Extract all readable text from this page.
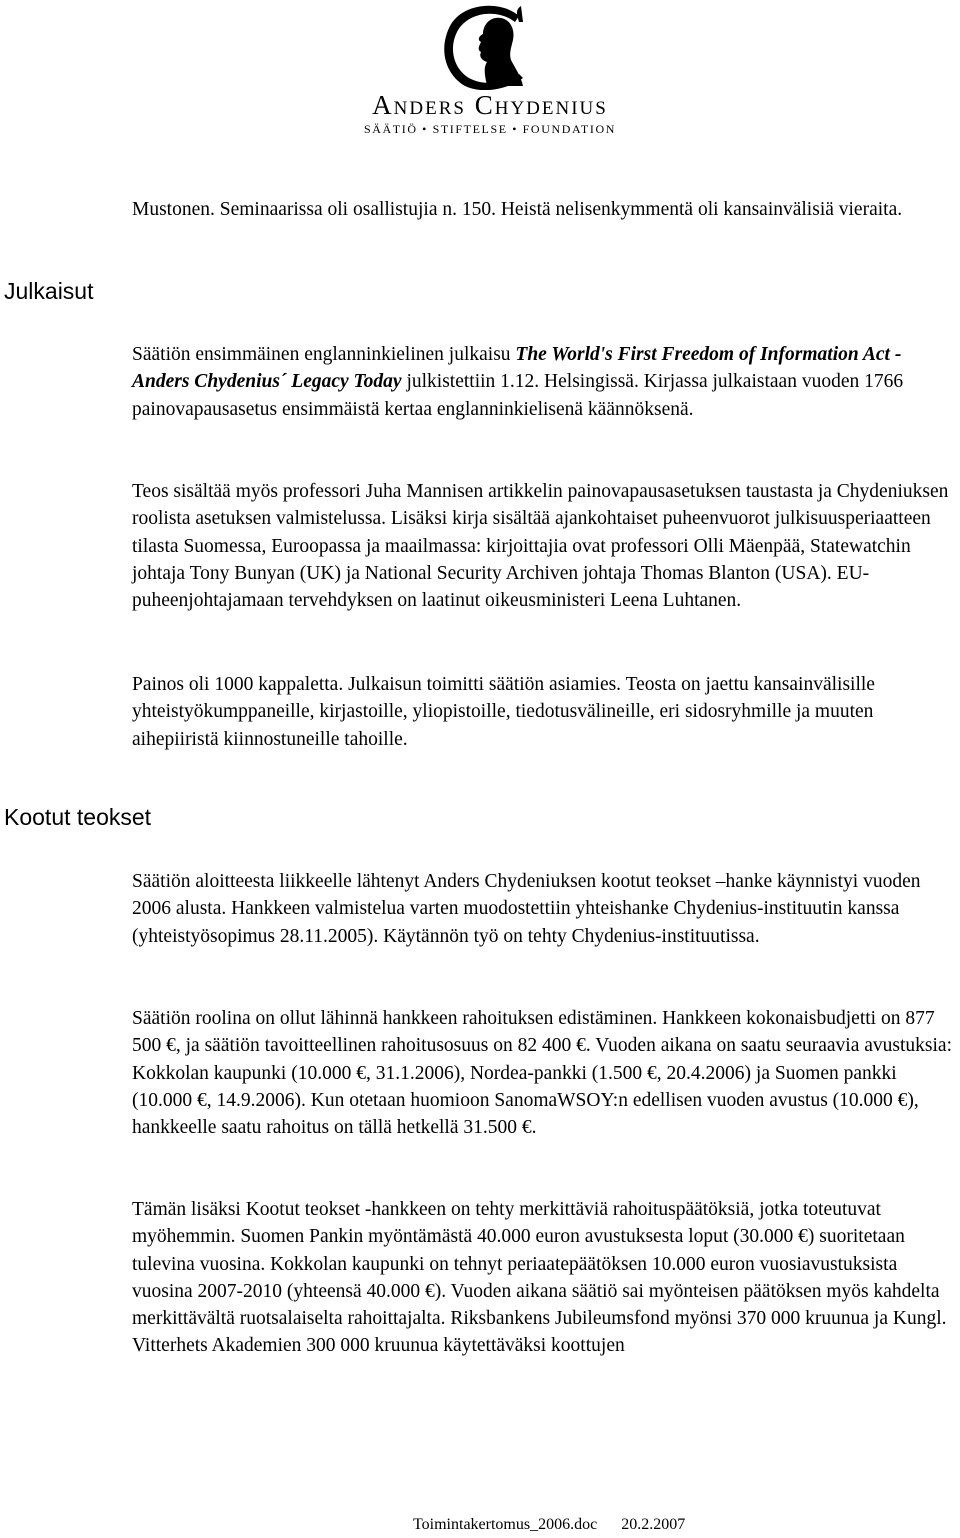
Anders Chydenius
SÄÄTIÖ • STIFTELSE • FOUNDATION

Mustonen. Seminaarissa oli osallistujia n. 150. Heistä nelisenkymmentä oli kansainvälisiä vieraita.

Julkaisut

Säätiön ensimmäinen englanninkielinen julkaisu The World's First Freedom of Information Act - Anders Chydenius´ Legacy Today julkistettiin 1.12. Helsingissä. Kirjassa julkaistaan vuoden 1766 painovapausasetus ensimmäistä kertaa englanninkielisenä käännöksenä.

Teos sisältää myös professori Juha Mannisen artikkelin painovapausasetuksen taustasta ja Chydeniuksen roolista asetuksen valmistelussa. Lisäksi kirja sisältää ajankohtaiset puheenvuorot julkisuusperiaatteen tilasta Suomessa, Euroopassa ja maailmassa: kirjoittajia ovat professori Olli Mäenpää, Statewatchin johtaja Tony Bunyan (UK) ja National Security Archiven johtaja Thomas Blanton (USA). EU-puheenjohtajamaan tervehdyksen on laatinut oikeusministeri Leena Luhtanen.

Painos oli 1000 kappaletta. Julkaisun toimitti säätiön asiamies. Teosta on jaettu kansainvälisille yhteistyökumppaneille, kirjastoille, yliopistoille, tiedotusvälineille, eri sidosryhmille ja muuten aihepiiristä kiinnostuneille tahoille.

Kootut teokset

Säätiön aloitteesta liikkeelle lähtenyt Anders Chydeniuksen kootut teokset –hanke käynnistyi vuoden 2006 alusta. Hankkeen valmistelua varten muodostettiin yhteishanke Chydenius-instituutin kanssa (yhteistyösopimus 28.11.2005). Käytännön työ on tehty Chydenius-instituutissa.

Säätiön roolina on ollut lähinnä hankkeen rahoituksen edistäminen. Hankkeen kokonaisbudjetti on 877 500 €, ja säätiön tavoitteellinen rahoitusosuus on 82 400 €. Vuoden aikana on saatu seuraavia avustuksia: Kokkolan kaupunki (10.000 €, 31.1.2006), Nordea-pankki (1.500 €, 20.4.2006) ja Suomen pankki (10.000 €, 14.9.2006). Kun otetaan huomioon SanomaWSOY:n edellisen vuoden avustus (10.000 €), hankkeelle saatu rahoitus on tällä hetkellä 31.500 €.

Tämän lisäksi Kootut teokset -hankkeen on tehty merkittäviä rahoituspäätöksiä, jotka toteutuvat myöhemmin. Suomen Pankin myöntämästä 40.000 euron avustuksesta loput (30.000 €) suoritetaan tulevina vuosina. Kokkolan kaupunki on tehnyt periaatepäätöksen 10.000 euron vuosiavustuksista vuosina 2007-2010 (yhteensä 40.000 €). Vuoden aikana säätiö sai myönteisen päätöksen myös kahdelta merkittävältä ruotsalaiselta rahoittajalta. Riksbankens Jubileumsfond myönsi 370 000 kruunua ja Kungl. Vitterhets Akademien 300 000 kruunua käytettäväksi koottujen

Toimintakertomus_2006.doc 20.2.2007
